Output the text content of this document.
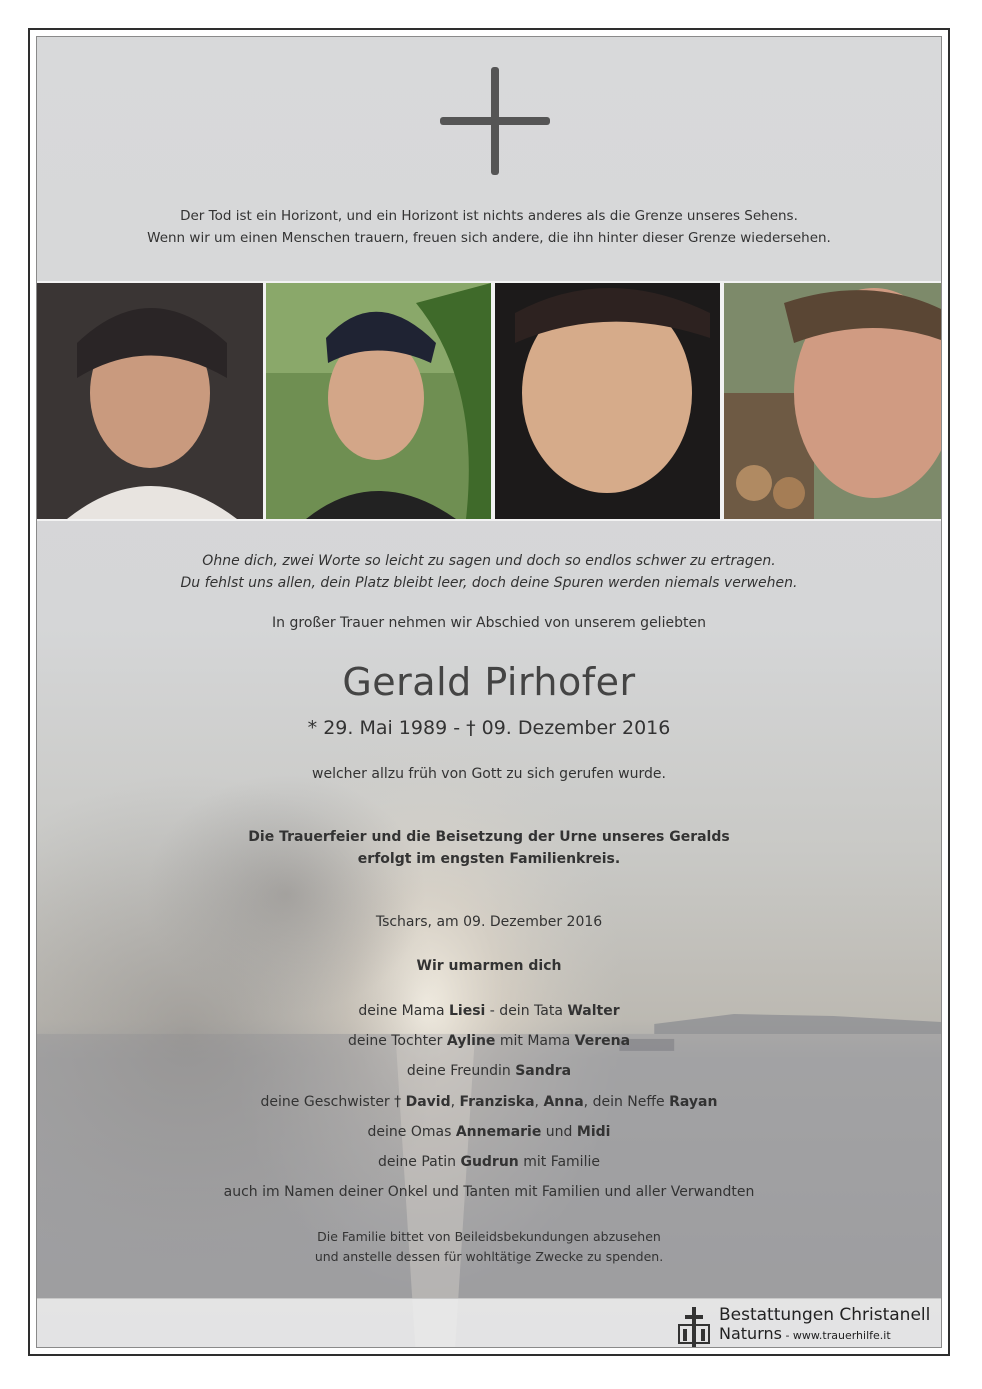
Der Tod ist ein Horizont, und ein Horizont ist nichts anderes als die Grenze unseres Sehens.
Wenn wir um einen Menschen trauern, freuen sich andere, die ihn hinter dieser Grenze wiedersehen.
Ohne dich, zwei Worte so leicht zu sagen und doch so endlos schwer zu ertragen.
Du fehlst uns allen, dein Platz bleibt leer, doch deine Spuren werden niemals verwehen.
In großer Trauer nehmen wir Abschied von unserem geliebten
Gerald Pirhofer
* 29. Mai 1989 - † 09. Dezember 2016
welcher allzu früh von Gott zu sich gerufen wurde.
Die Trauerfeier und die Beisetzung der Urne unseres Geralds
erfolgt im engsten Familienkreis.
Tschars, am 09. Dezember 2016
Wir umarmen dich
deine Mama Liesi - dein Tata Walter
deine Tochter Ayline mit Mama Verena
deine Freundin Sandra
deine Geschwister † David, Franziska, Anna, dein Neffe Rayan
deine Omas Annemarie und Midi
deine Patin Gudrun mit Familie
auch im Namen deiner Onkel und Tanten mit Familien und aller Verwandten
Die Familie bittet von Beileidsbekundungen abzusehen
und anstelle dessen für wohltätige Zwecke zu spenden.
Bestattungen Christanell
Naturns - www.trauerhilfe.it
